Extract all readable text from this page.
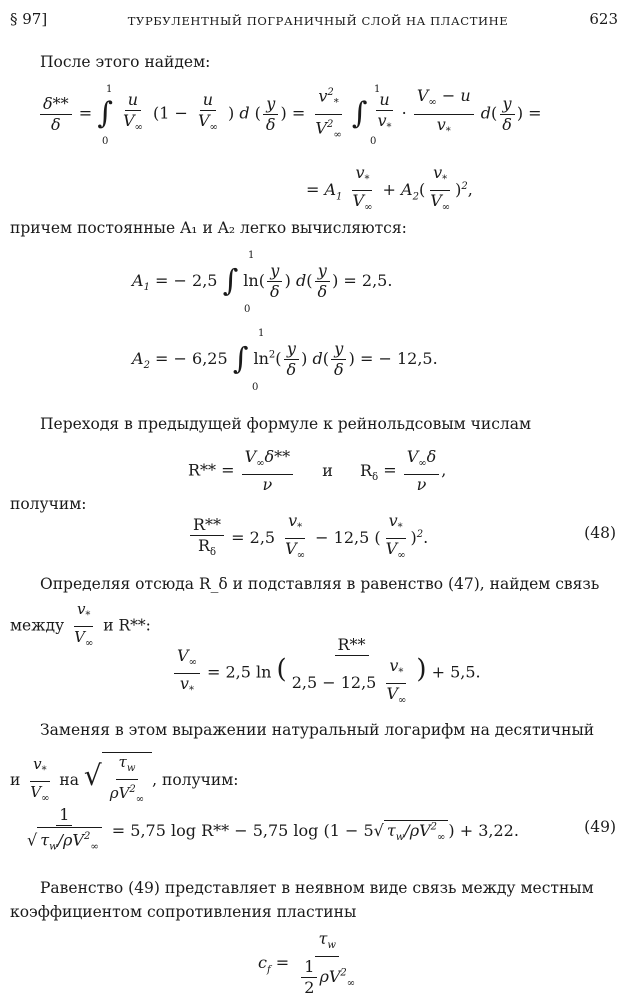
§ 97]	ТУРБУЛЕНТНЫЙ ПОГРАНИЧНЫЙ СЛОЙ НА ПЛАСТИНЕ	623
После этого найдем:
$\frac{\delta**}{\delta}$ = ∫ $\frac{u}{V_\infty} (1 - \frac{u}{V_\infty}$ ) d ( $\frac{y}{\delta}$ ) = $\frac{v^2_*}{V^2_\infty}$ ∫ $\frac{u}{v_*} \cdot \frac{V_\infty - u}{v_*} d( \frac{y}{\delta}$ ) =
1
0
1
0
= $A_1 \frac{v_*}{V_\infty} + A_2( \frac{v_*}{V_\infty} )^2$,
причем постоянные A₁ и A₂ легко вычисляются:
$A_1$ = − 2,5 ∫ $\ln( \frac{y}{\delta}$ ) $d( \frac{y}{\delta}$ ) = 2,5.
1
0
$A_2$ = − 6,25 ∫ $\ln^2( \frac{y}{\delta}$ ) $d( \frac{y}{\delta}$ ) = − 12,5.
1
0
Переходя в предыдущей формуле к рейнольдсовым числам
$R** = \frac{V_\infty\delta**}{\nu}$ и $R_\delta = \frac{V_\infty\delta}{\nu}$ ,
получим:
$\frac{R**}{R_\delta} = 2,5 \frac{v_*}{V_\infty} - 12,5$ ( $\frac{v_*}{V_\infty} )^2$.	(48)
Определяя отсюда R_δ и подставляя в равенство (47), найдем связь
между $\frac{v_*}{V_\infty}$ и R**:
$\frac{V_\infty}{v_*} = 2,5$ ln ( $\frac{R**}{2,5 - 12,5 \frac{v_*}{V_\infty}}$ ) + 5,5.
Заменяя в этом выражении натуральный логарифм на десятичный
и $\frac{v_*}{V_\infty}$ на √ $\frac{\tau_w}{\rho V^2_\infty}$ , получим:
$\frac{1}{√ \tau_w/\rho V^2_\infty} = 5,75$ log R** − 5,75 log (1 − 5√ $\tau_w/\rho V^2_\infty$ ) + 3,22.	(49)
Равенство (49) представляет в неявном виде связь между местным
коэффициентом сопротивления пластины
$c_f = \frac{\tau_w}{\frac{1}{2} \rho V^2_\infty}$
